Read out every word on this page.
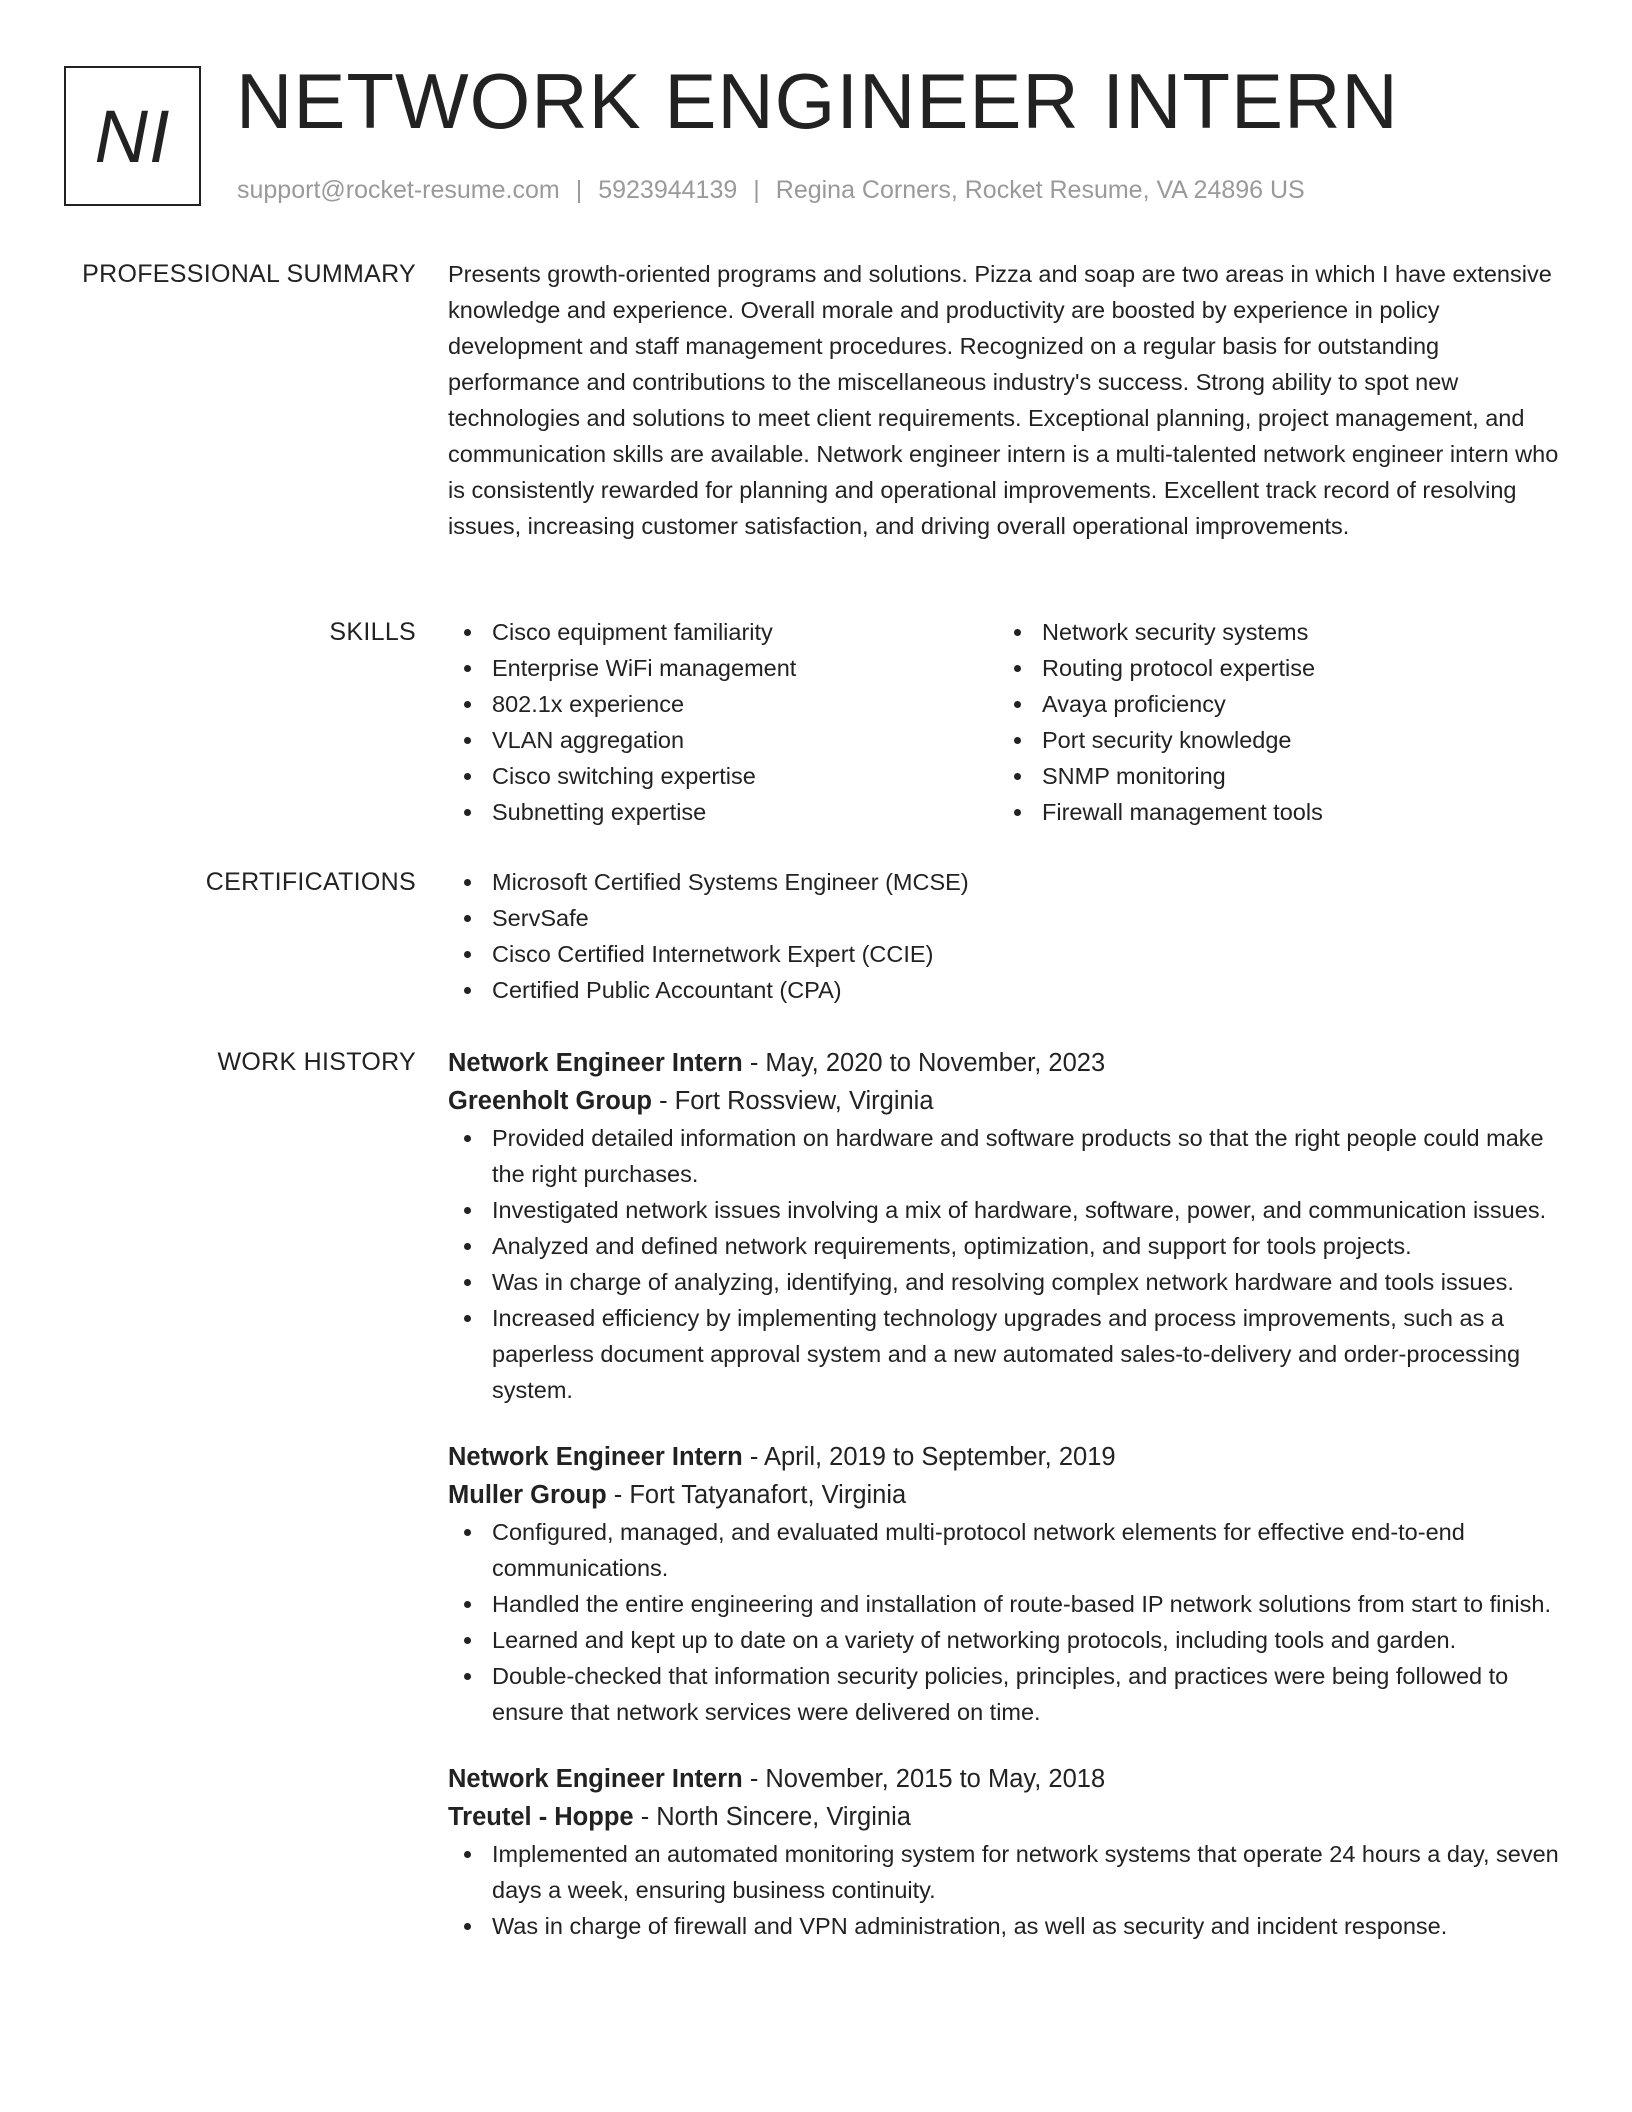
NI NETWORK ENGINEER INTERN
support@rocket-resume.com | 5923944139 | Regina Corners, Rocket Resume, VA 24896 US
PROFESSIONAL SUMMARY Presents growth-oriented programs and solutions. Pizza and soap are two areas in which I have extensive knowledge and experience. Overall morale and productivity are boosted by experience in policy development and staff management procedures. Recognized on a regular basis for outstanding performance and contributions to the miscellaneous industry's success. Strong ability to spot new technologies and solutions to meet client requirements. Exceptional planning, project management, and communication skills are available. Network engineer intern is a multi-talented network engineer intern who is consistently rewarded for planning and operational improvements. Excellent track record of resolving issues, increasing customer satisfaction, and driving overall operational improvements.
SKILLS	Cisco equipment familiarity
Enterprise WiFi management
802.1x experience
VLAN aggregation
Cisco switching expertise
Subnetting expertise
Network security systems
Routing protocol expertise
Avaya proficiency
Port security knowledge
SNMP monitoring
Firewall management tools
CERTIFICATIONS	Microsoft Certified Systems Engineer (MCSE)
ServSafe
Cisco Certified Internetwork Expert (CCIE)
Certified Public Accountant (CPA)
WORK HISTORY Network Engineer Intern - May, 2020 to November, 2023
Greenholt Group - Fort Rossview, Virginia
Provided detailed information on hardware and software products so that the right people could make the right purchases.
Investigated network issues involving a mix of hardware, software, power, and communication issues.
Analyzed and defined network requirements, optimization, and support for tools projects.
Was in charge of analyzing, identifying, and resolving complex network hardware and tools issues.
Increased efficiency by implementing technology upgrades and process improvements, such as a paperless document approval system and a new automated sales-to-delivery and order-processing system.
Network Engineer Intern - April, 2019 to September, 2019
Muller Group - Fort Tatyanafort, Virginia
Configured, managed, and evaluated multi-protocol network elements for effective end-to-end communications.
Handled the entire engineering and installation of route-based IP network solutions from start to finish.
Learned and kept up to date on a variety of networking protocols, including tools and garden.
Double-checked that information security policies, principles, and practices were being followed to ensure that network services were delivered on time.
Network Engineer Intern - November, 2015 to May, 2018
Treutel - Hoppe - North Sincere, Virginia
Implemented an automated monitoring system for network systems that operate 24 hours a day, seven days a week, ensuring business continuity.
Was in charge of firewall and VPN administration, as well as security and incident response.
